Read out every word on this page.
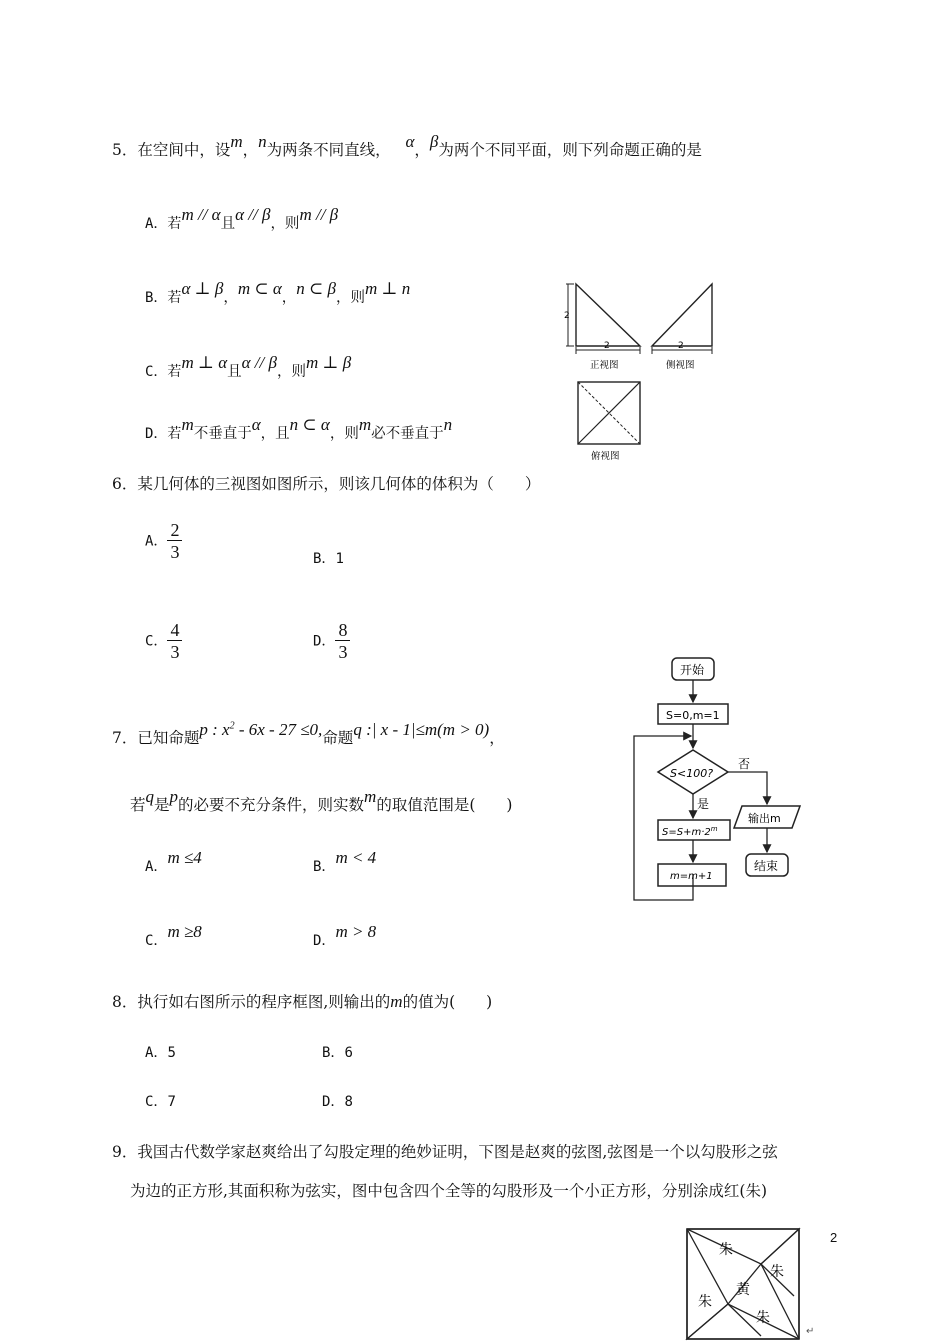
5．在空间中，设m，n为两条不同直线， α，β为两个不同平面，则下列命题正确的是
A．若m // α且α // β，则m // β
B．若α ⊥ β，m ⊂ α，n ⊂ β，则m ⊥ n
C．若m ⊥ α且α // β，则m ⊥ β
D．若m不垂直于α，且n ⊂ α，则m必不垂直于n
2
2
正视图
2
侧视图
俯视图
6．某几何体的三视图如图所示，则该几何体的体积为（　　）
A． $\frac{2}{3}$	B．1
C． $\frac{4}{3}$	D． $\frac{8}{3}$
7．已知命题p : $x^2 - 6x - 27 \le 0$,命题q :| x - 1|≤m(m > 0)，
若q是p的必要不充分条件，则实数m的取值范围是(　　)
A．m ≤4	B．m < 4
C．m ≥8	D．m > 8
开始
S=0,m=1
S<100?
否
是
$S=S+m\cdot 2^m$
m=m+1
输出m
结束
8．执行如右图所示的程序框图,则输出的m的值为(　　)
A．5	B．6
C．7	D．8
9．我国古代数学家赵爽给出了勾股定理的绝妙证明，下图是赵爽的弦图,弦图是一个以勾股形之弦
为边的正方形,其面积称为弦实，图中包含四个全等的勾股形及一个小正方形，分别涂成红(朱)
朱
朱
黄
朱
朱
2
↵
